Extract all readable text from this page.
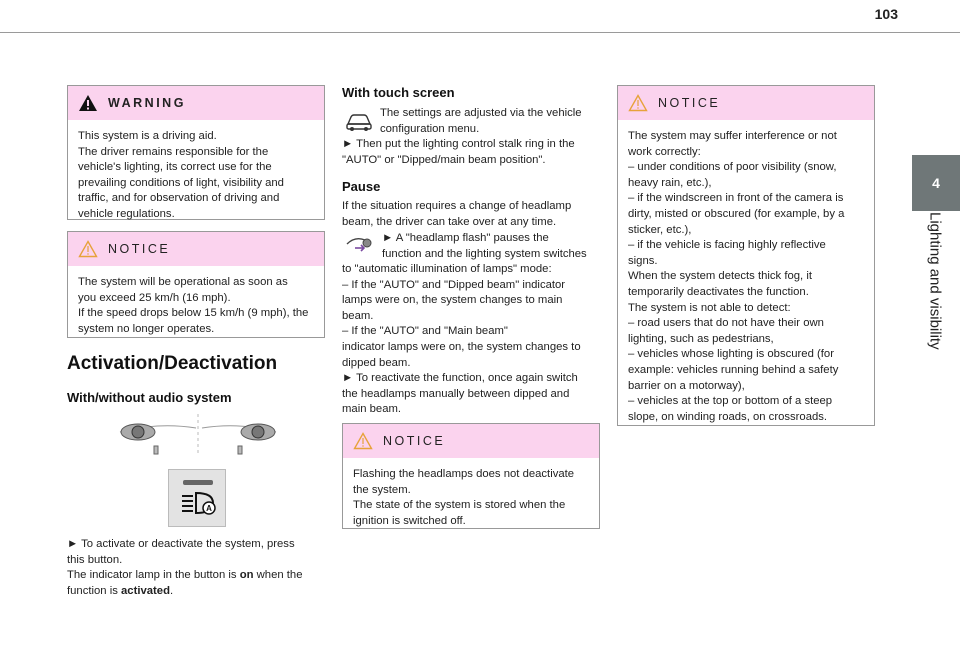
103
4
Lighting and visibility
WARNING

This system is a driving aid.

The driver remains responsible for the

vehicle's lighting, its correct use for the

prevailing conditions of light, visibility and

traffic, and for observation of driving and

vehicle regulations.

NOTICE

The system will be operational as soon as

you exceed 25 km/h (16 mph).

If the speed drops below 15 km/h (9 mph), the

system no longer operates.

Activation/Deactivation
With/without audio system
A

► To activate or deactivate the system, press

this button.

The indicator lamp in the button is on when the

function is activated.

With touch screen

The settings are adjusted via the vehicle

configuration menu.

► Then put the lighting control stalk ring in the

"AUTO" or "Dipped/main beam position".

Pause

If the situation requires a change of headlamp

beam, the driver can take over at any time.

► A "headlamp flash" pauses the

function and the lighting system switches

to "automatic illumination of lamps" mode:

– If the "AUTO" and "Dipped beam" indicator

lamps were on, the system changes to main

beam.

– If the "AUTO" and "Main beam"

indicator lamps were on, the system changes to

dipped beam.

► To reactivate the function, once again switch

the headlamps manually between dipped and

main beam.

NOTICE

Flashing the headlamps does not deactivate

the system.

The state of the system is stored when the

ignition is switched off.

NOTICE

The system may suffer interference or not

work correctly:

– under conditions of poor visibility (snow,

heavy rain, etc.),

– if the windscreen in front of the camera is

dirty, misted or obscured (for example, by a

sticker, etc.),

– if the vehicle is facing highly reflective

signs.

When the system detects thick fog, it

temporarily deactivates the function.

The system is not able to detect:

– road users that do not have their own

lighting, such as pedestrians,

– vehicles whose lighting is obscured (for

example: vehicles running behind a safety

barrier on a motorway),

– vehicles at the top or bottom of a steep

slope, on winding roads, on crossroads.
